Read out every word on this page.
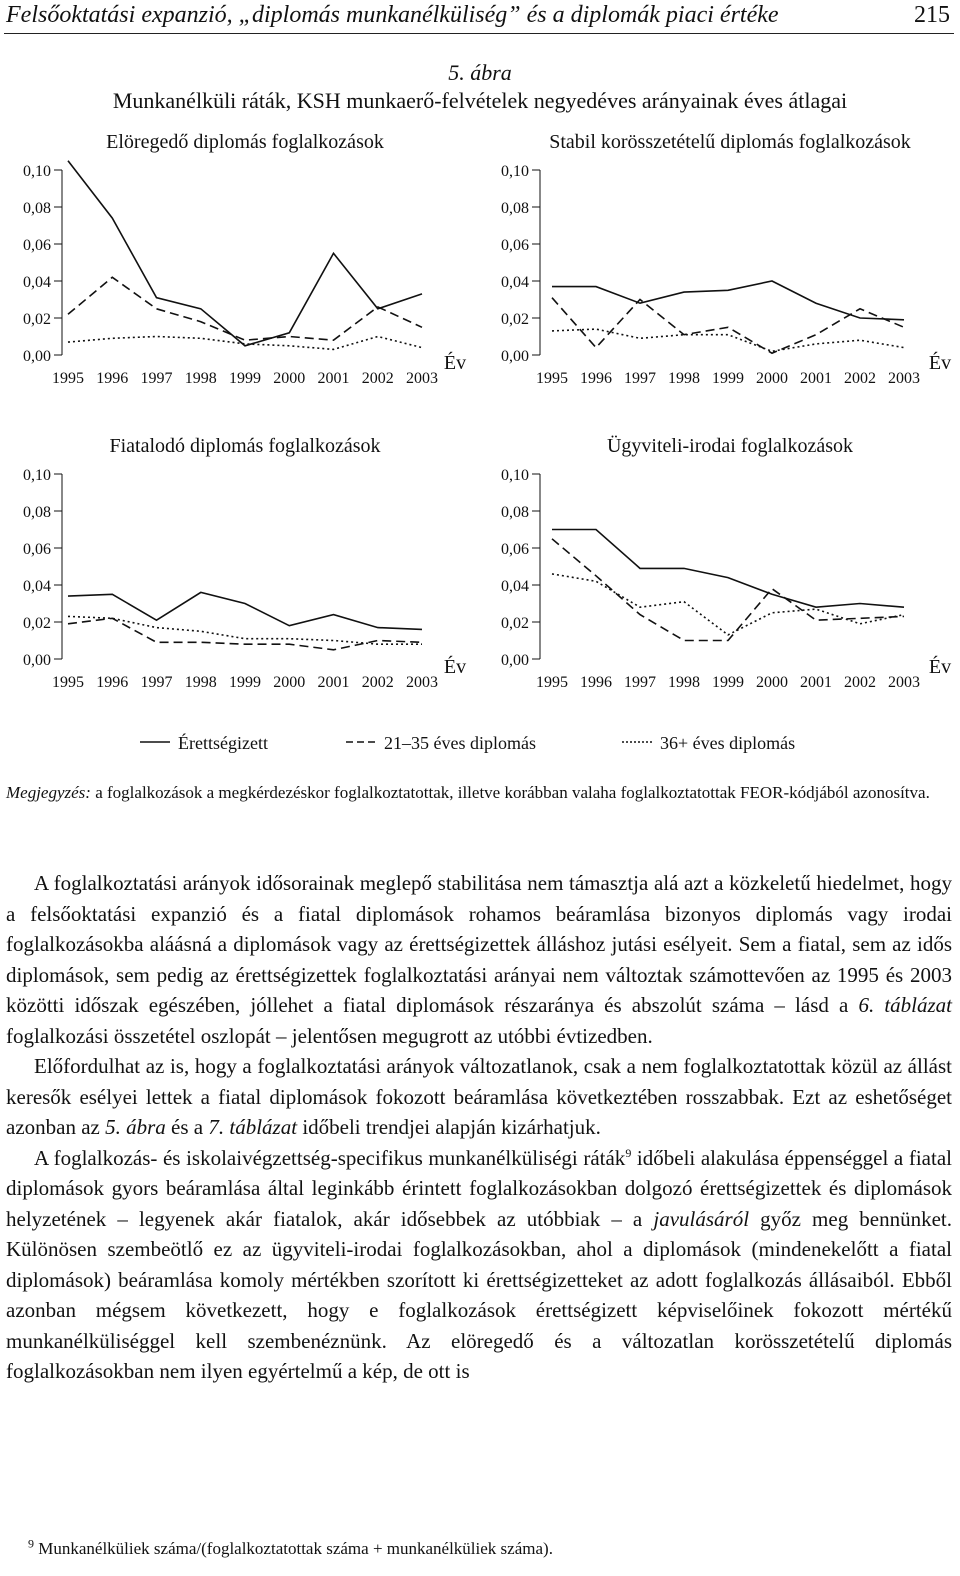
Felsőoktatási expanzió, „diplomás munkanélküliség” és a diplomák piaci értéke	215
5. ábra
Munkanélküli ráták, KSH munkaerő-felvételek negyedéves arányainak éves átlagai
Elöregedő diplomás foglalkozások
0,00
0,02
0,04
0,06
0,08
0,10
1995 1996 1997 1998 1999 2000 2001 2002 2003
Év
Stabil korösszetételű diplomás foglalkozások
0,00
0,02
0,04
0,06
0,08
0,10
1995 1996 1997 1998 1999 2000 2001 2002 2003
Év
Fiatalodó diplomás foglalkozások
0,00
0,02
0,04
0,06
0,08
0,10
1995 1996 1997 1998 1999 2000 2001 2002 2003
Év
Ügyviteli-irodai foglalkozások
0,00
0,02
0,04
0,06
0,08
0,10
1995 1996 1997 1998 1999 2000 2001 2002 2003
Év
Érettségizett	21–35 éves diplomás	36+ éves diplomás
Megjegyzés: a foglalkozások a megkérdezéskor foglalkoztatottak, illetve korábban valaha foglalkoztatottak FEOR-kódjából azonosítva.

A foglalkoztatási arányok idősorainak meglepő stabilitása nem támasztja alá azt a közkeletű hiedelmet, hogy a felsőoktatási expanzió és a fiatal diplomások rohamos beáramlása bizonyos diplomás vagy irodai foglalkozásokba aláásná a diplomások vagy az érettségizettek álláshoz jutási esélyeit. Sem a fiatal, sem az idős diplomások, sem pedig az érettségizettek foglalkoztatási arányai nem változtak számottevően az 1995 és 2003 közötti időszak egészében, jóllehet a fiatal diplomások részaránya és abszolút száma – lásd a 6. táblázat foglalkozási összetétel oszlopát – jelentősen megugrott az utóbbi évtizedben.

Előfordulhat az is, hogy a foglalkoztatási arányok változatlanok, csak a nem foglalkoztatottak közül az állást keresők esélyei lettek a fiatal diplomások fokozott beáramlása következtében rosszabbak. Ezt az eshetőséget azonban az 5. ábra és a 7. táblázat időbeli trendjei alapján kizárhatjuk.

A foglalkozás- és iskolaivégzettség-specifikus munkanélküliségi ráták$^9$ időbeli alakulása éppenséggel a fiatal diplomások gyors beáramlása által leginkább érintett foglalkozásokban dolgozó érettségizettek és diplomások helyzetének – legyenek akár fiatalok, akár idősebbek az utóbbiak – a javulásáról győz meg bennünket. Különösen szembeötlő ez az ügyviteli-irodai foglalkozásokban, ahol a diplomások (mindenekelőtt a fiatal diplomások) beáramlása komoly mértékben szorított ki érettségizetteket az adott foglalkozás állásaiból. Ebből azonban mégsem következett, hogy e foglalkozások érettségizett képviselőinek fokozott mértékű munkanélküliséggel kell szembenéznünk. Az elöregedő és a változatlan korösszetételű diplomás foglalkozásokban nem ilyen egyértelmű a kép, de ott is

$^9$ Munkanélküliek száma/(foglalkoztatottak száma + munkanélküliek száma).
